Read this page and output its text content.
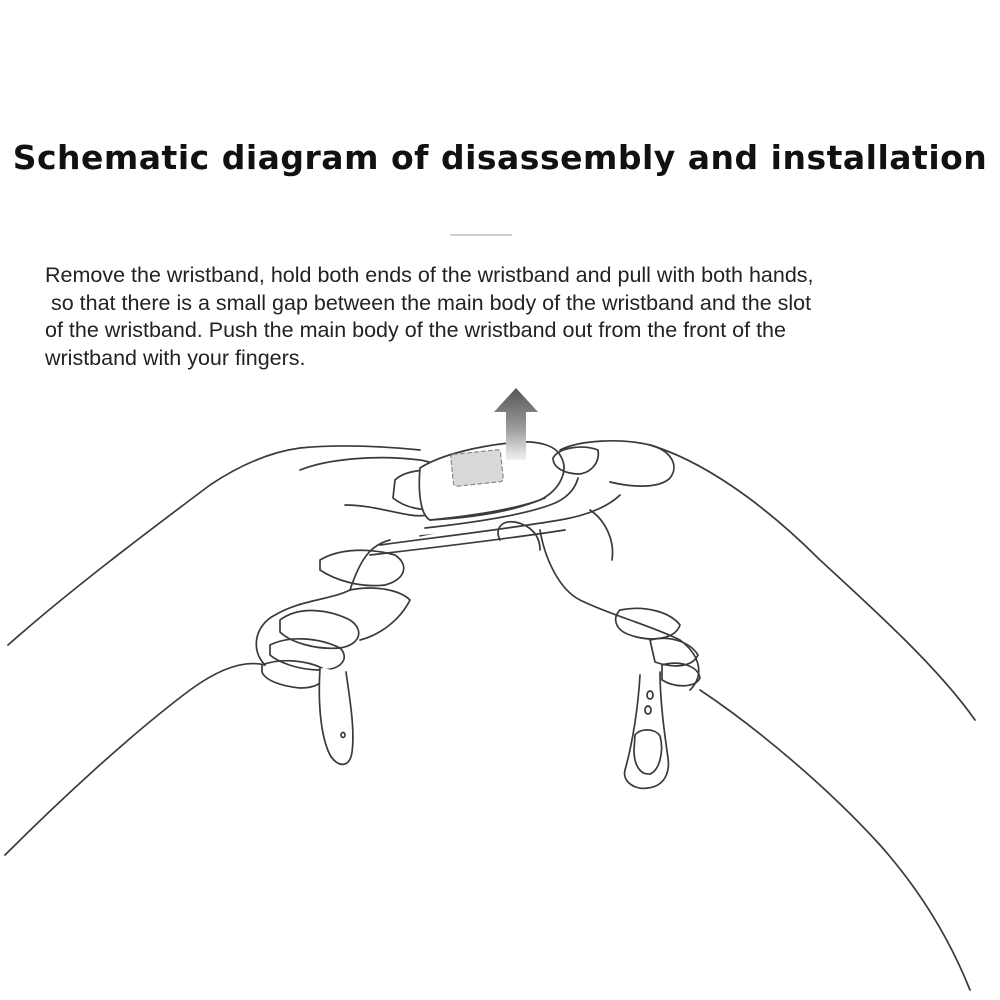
Schematic diagram of disassembly and installation
Remove the wristband, hold both ends of the wristband and pull with both hands,
so that there is a small gap between the main body of the wristband and the slot
of the wristband. Push the main body of the wristband out from the front of the
wristband with your fingers.
